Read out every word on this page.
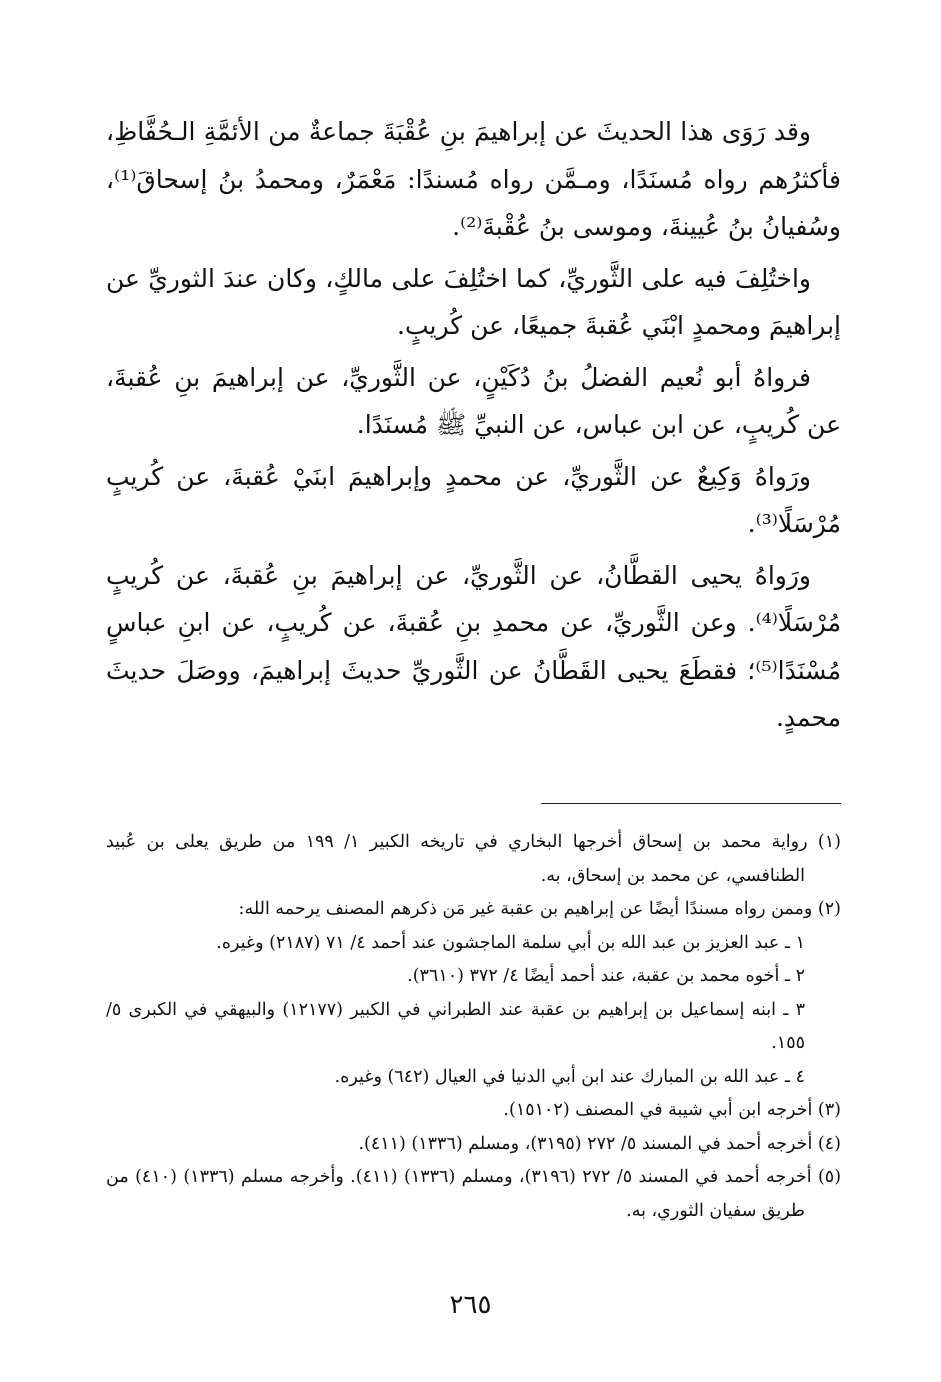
وقد رَوَى هذا الحديثَ عن إبراهيمَ بنِ عُقْبَةَ جماعةٌ من الأئمَّةِ الـحُفَّاظِ، فأكثرُهم رواه مُسنَدًا، ومـمَّن رواه مُسندًا: مَعْمَرٌ، ومحمدُ بنُ إسحاقَ⁽¹⁾، وسُفيانُ بنُ عُيينةَ، وموسى بنُ عُقْبةَ⁽²⁾.

واختُلِفَ فيه على الثَّوريِّ، كما اختُلِفَ على مالكٍ، وكان عندَ الثوريِّ عن إبراهيمَ ومحمدٍ ابْنَي عُقبةَ جميعًا، عن كُريبٍ.

فرواهُ أبو نُعيم الفضلُ بنُ دُكَيْنٍ، عن الثَّوريِّ، عن إبراهيمَ بنِ عُقبةَ، عن كُريبٍ، عن ابن عباس، عن النبيِّ ﷺ مُسنَدًا.

ورَواهُ وَكِيعٌ عن الثَّوريِّ، عن محمدٍ وإبراهيمَ ابنَيْ عُقبةَ، عن كُريبٍ مُرْسَلًا⁽³⁾.

ورَواهُ يحيى القطَّانُ، عن الثَّوريِّ، عن إبراهيمَ بنِ عُقبةَ، عن كُريبٍ مُرْسَلًا⁽⁴⁾. وعن الثَّوريِّ، عن محمدِ بنِ عُقبةَ، عن كُريبٍ، عن ابنِ عباسٍ مُسْنَدًا⁽⁵⁾؛ فقطَعَ يحيى القَطَّانُ عن الثَّوريِّ حديثَ إبراهيمَ، ووصَلَ حديثَ محمدٍ.

(١) رواية محمد بن إسحاق أخرجها البخاري في تاريخه الكبير ١/ ١٩٩ من طريق يعلى بن عُبيد الطنافسي، عن محمد بن إسحاق، به.

(٢) وممن رواه مسندًا أيضًا عن إبراهيم بن عقبة غير مَن ذكرهم المصنف يرحمه الله:

١ ـ عبد العزيز بن عبد الله بن أبي سلمة الماجشون عند أحمد ٤/ ٧١ (٢١٨٧) وغيره.

٢ ـ أخوه محمد بن عقبة، عند أحمد أيضًا ٤/ ٣٧٢ (٣٦١٠).

٣ ـ ابنه إسماعيل بن إبراهيم بن عقبة عند الطبراني في الكبير (١٢١٧٧) والبيهقي في الكبرى ٥/ ١٥٥.

٤ ـ عبد الله بن المبارك عند ابن أبي الدنيا في العيال (٦٤٢) وغيره.

(٣) أخرجه ابن أبي شيبة في المصنف (١٥١٠٢).

(٤) أخرجه أحمد في المسند ٥/ ٢٧٢ (٣١٩٥)، ومسلم (١٣٣٦) (٤١١).

(٥) أخرجه أحمد في المسند ٥/ ٢٧٢ (٣١٩٦)، ومسلم (١٣٣٦) (٤١١). وأخرجه مسلم (١٣٣٦) (٤١٠) من طريق سفيان الثوري، به.

٢٦٥
